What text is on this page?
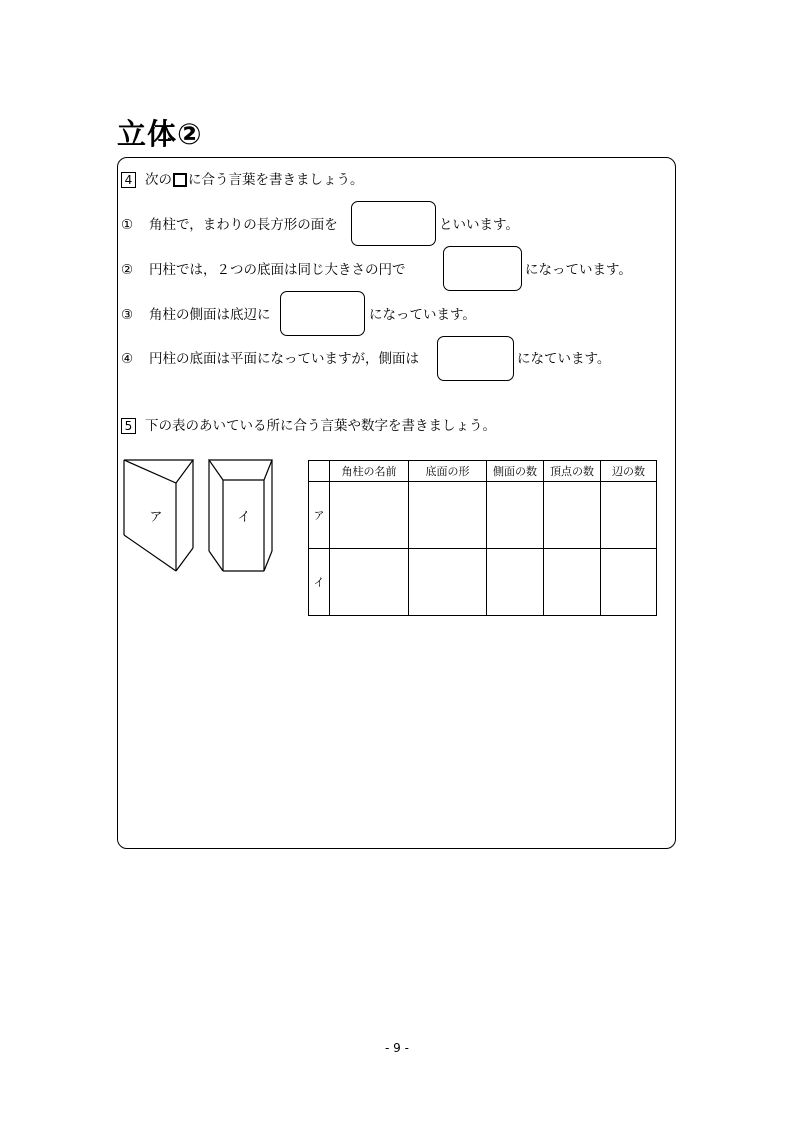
立体②
4 次の に合う言葉を書きましょう。
① 角柱で，まわりの長方形の面を	といいます。
② 円柱では，２つの底面は同じ大きさの円で	になっています。
③ 角柱の側面は底辺に	になっています。
④ 円柱の底面は平面になっていますが，側面は	になています。
5 下の表のあいている所に合う言葉や数字を書きましょう。
ア	イ
	角柱の名前	底面の形	側面の数	頂点の数	辺の数
ア					
イ					
- 9 -
